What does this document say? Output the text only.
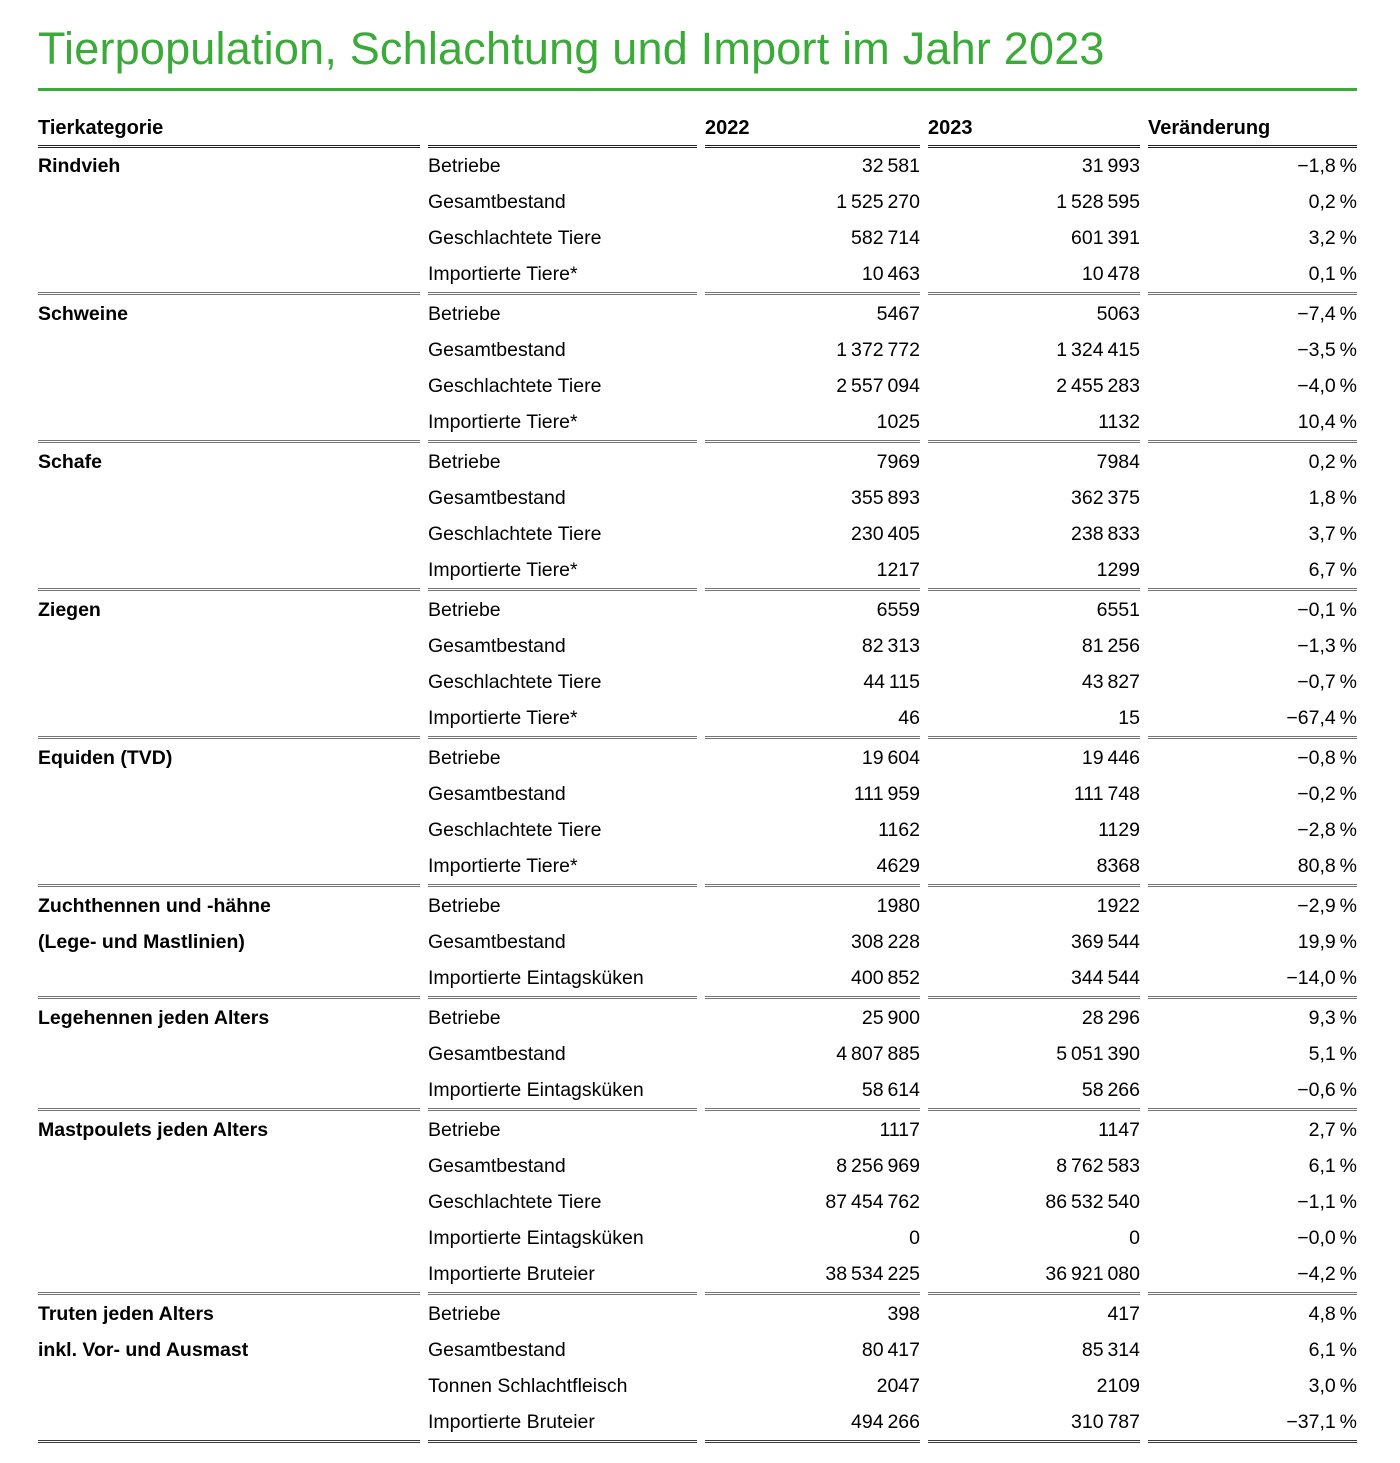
Tierpopulation, Schlachtung und Import im Jahr 2023
Tierkategorie	2022	2023	Veränderung
Rindvieh	Betriebe	32 581	31 993	−1,8 %
Gesamtbestand	1 525 270	1 528 595	0,2 %
Geschlachtete Tiere	582 714	601 391	3,2 %
Importierte Tiere*	10 463	10 478	0,1 %
Schweine	Betriebe	5467	5063	−7,4 %
Gesamtbestand	1 372 772	1 324 415	−3,5 %
Geschlachtete Tiere	2 557 094	2 455 283	−4,0 %
Importierte Tiere*	1025	1132	10,4 %
Schafe	Betriebe	7969	7984	0,2 %
Gesamtbestand	355 893	362 375	1,8 %
Geschlachtete Tiere	230 405	238 833	3,7 %
Importierte Tiere*	1217	1299	6,7 %
Ziegen	Betriebe	6559	6551	−0,1 %
Gesamtbestand	82 313	81 256	−1,3 %
Geschlachtete Tiere	44 115	43 827	−0,7 %
Importierte Tiere*	46	15	−67,4 %
Equiden (TVD)	Betriebe	19 604	19 446	−0,8 %
Gesamtbestand	111 959	111 748	−0,2 %
Geschlachtete Tiere	1162	1129	−2,8 %
Importierte Tiere*	4629	8368	80,8 %
Zuchthennen und -hähne	Betriebe	1980	1922	−2,9 %
(Lege- und Mastlinien)	Gesamtbestand	308 228	369 544	19,9 %
Importierte Eintagsküken	400 852	344 544	−14,0 %
Legehennen jeden Alters	Betriebe	25 900	28 296	9,3 %
Gesamtbestand	4 807 885	5 051 390	5,1 %
Importierte Eintagsküken	58 614	58 266	−0,6 %
Mastpoulets jeden Alters	Betriebe	1117	1147	2,7 %
Gesamtbestand	8 256 969	8 762 583	6,1 %
Geschlachtete Tiere	87 454 762	86 532 540	−1,1 %
Importierte Eintagsküken	0	0	−0,0 %
Importierte Bruteier	38 534 225	36 921 080	−4,2 %
Truten jeden Alters	Betriebe	398	417	4,8 %
inkl. Vor- und Ausmast	Gesamtbestand	80 417	85 314	6,1 %
Tonnen Schlachtfleisch	2047	2109	3,0 %
Importierte Bruteier	494 266	310 787	−37,1 %
